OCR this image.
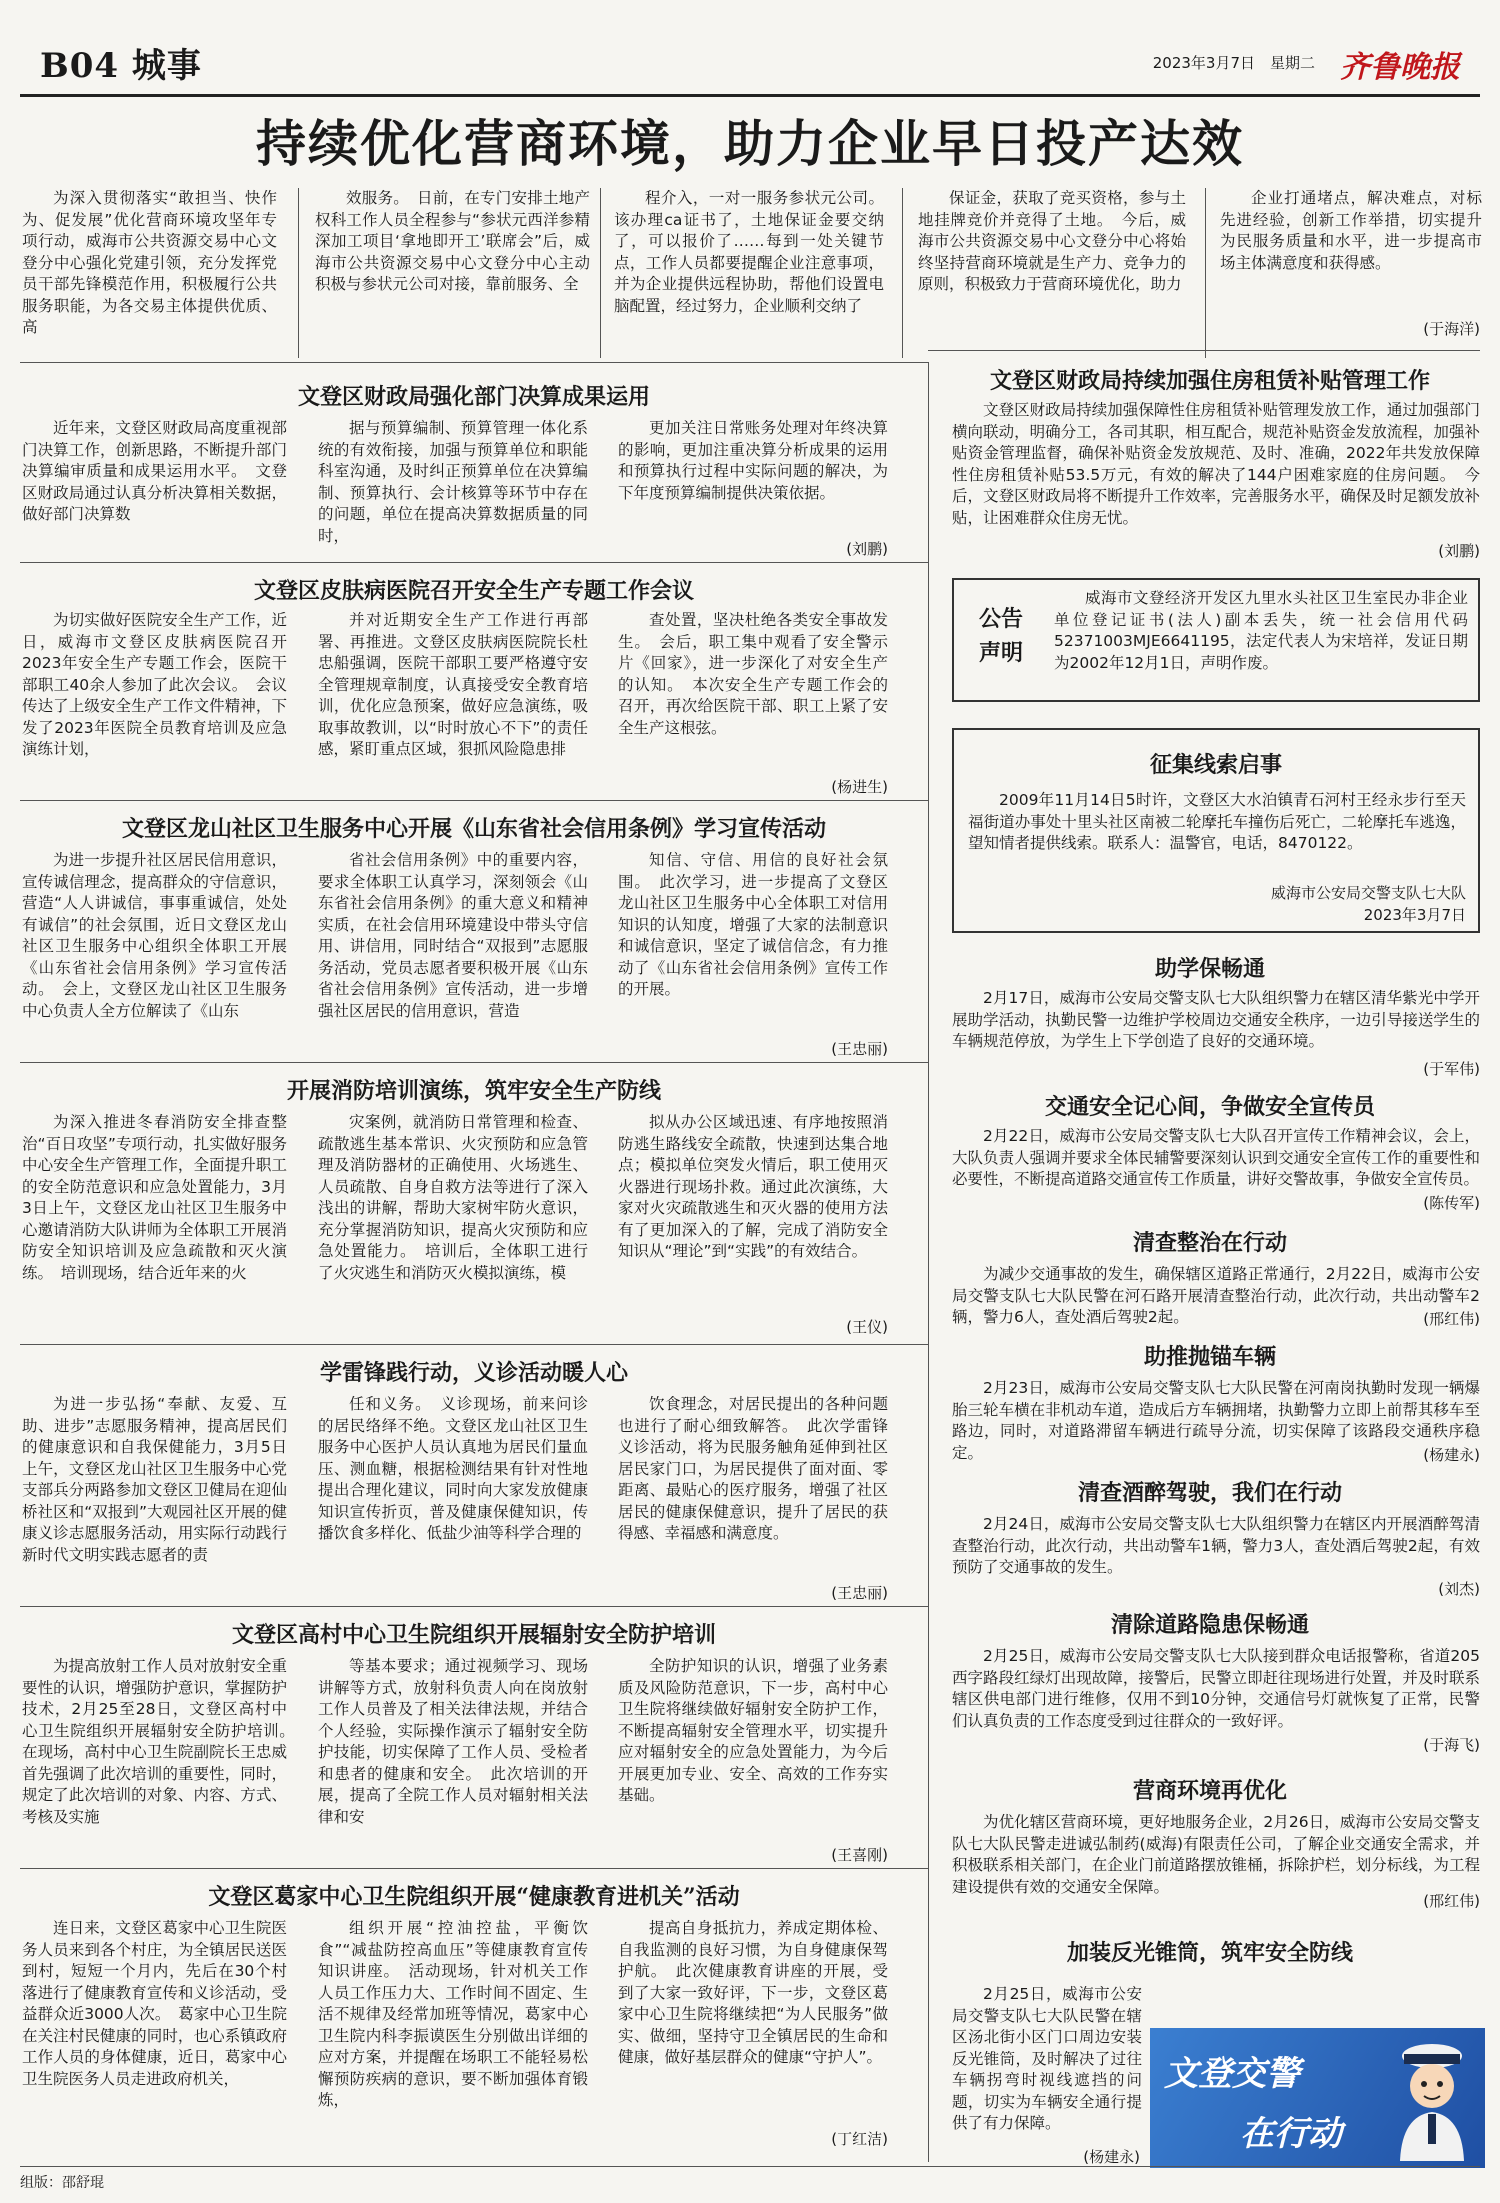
B04 城事	2023年3月7日　星期二 齐鲁晚报
持续优化营商环境，助力企业早日投产达效

为深入贯彻落实“敢担当、快作为、促发展”优化营商环境攻坚年专项行动，威海市公共资源交易中心文登分中心强化党建引领，充分发挥党员干部先锋模范作用，积极履行公共服务职能，为各交易主体提供优质、高

效服务。　日前，在专门安排土地产权科工作人员全程参与“参状元西洋参精深加工项目‘拿地即开工’联席会”后，威海市公共资源交易中心文登分中心主动积极与参状元公司对接，靠前服务、全

程介入，一对一服务参状元公司。该办理ca证书了，土地保证金要交纳了，可以报价了……每到一处关键节点，工作人员都要提醒企业注意事项，并为企业提供远程协助，帮他们设置电脑配置，经过努力，企业顺利交纳了

保证金，获取了竞买资格，参与土地挂牌竞价并竞得了土地。　今后，威海市公共资源交易中心文登分中心将始终坚持营商环境就是生产力、竞争力的原则，积极致力于营商环境优化，助力

企业打通堵点，解决难点，对标先进经验，创新工作举措，切实提升为民服务质量和水平，进一步提高市场主体满意度和获得感。

(于海洋)
文登区财政局强化部门决算成果运用

近年来，文登区财政局高度重视部门决算工作，创新思路，不断提升部门决算编审质量和成果运用水平。　文登区财政局通过认真分析决算相关数据，做好部门决算数

据与预算编制、预算管理一体化系统的有效衔接，加强与预算单位和职能科室沟通，及时纠正预算单位在决算编制、预算执行、会计核算等环节中存在的问题，单位在提高决算数据质量的同时，

更加关注日常账务处理对年终决算的影响，更加注重决算分析成果的运用和预算执行过程中实际问题的解决，为下年度预算编制提供决策依据。

(刘鹏)
文登区皮肤病医院召开安全生产专题工作会议

为切实做好医院安全生产工作，近日，威海市文登区皮肤病医院召开2023年安全生产专题工作会，医院干部职工40余人参加了此次会议。　会议传达了上级安全生产工作文件精神，下发了2023年医院全员教育培训及应急演练计划，

并对近期安全生产工作进行再部署、再推进。文登区皮肤病医院院长杜忠船强调，医院干部职工要严格遵守安全管理规章制度，认真接受安全教育培训，优化应急预案，做好应急演练，吸取事故教训，以“时时放心不下”的责任感，紧盯重点区域，狠抓风险隐患排

查处置，坚决杜绝各类安全事故发生。　会后，职工集中观看了安全警示片《回家》，进一步深化了对安全生产的认知。　本次安全生产专题工作会的召开，再次给医院干部、职工上紧了安全生产这根弦。

(杨进生)
文登区龙山社区卫生服务中心开展《山东省社会信用条例》学习宣传活动

为进一步提升社区居民信用意识，宣传诚信理念，提高群众的守信意识，营造“人人讲诚信，事事重诚信，处处有诚信”的社会氛围，近日文登区龙山社区卫生服务中心组织全体职工开展《山东省社会信用条例》学习宣传活动。　会上，文登区龙山社区卫生服务中心负责人全方位解读了《山东

省社会信用条例》中的重要内容，要求全体职工认真学习，深刻领会《山东省社会信用条例》的重大意义和精神实质，在社会信用环境建设中带头守信用、讲信用，同时结合“双报到”志愿服务活动，党员志愿者要积极开展《山东省社会信用条例》宣传活动，进一步增强社区居民的信用意识，营造

知信、守信、用信的良好社会氛围。　此次学习，进一步提高了文登区龙山社区卫生服务中心全体职工对信用知识的认知度，增强了大家的法制意识和诚信意识，坚定了诚信信念，有力推动了《山东省社会信用条例》宣传工作的开展。

(王忠丽)
开展消防培训演练，筑牢安全生产防线

为深入推进冬春消防安全排查整治“百日攻坚”专项行动，扎实做好服务中心安全生产管理工作，全面提升职工的安全防范意识和应急处置能力，3月3日上午，文登区龙山社区卫生服务中心邀请消防大队讲师为全体职工开展消防安全知识培训及应急疏散和灭火演练。　培训现场，结合近年来的火

灾案例，就消防日常管理和检查、疏散逃生基本常识、火灾预防和应急管理及消防器材的正确使用、火场逃生、人员疏散、自身自救方法等进行了深入浅出的讲解，帮助大家树牢防火意识，充分掌握消防知识，提高火灾预防和应急处置能力。　培训后，全体职工进行了火灾逃生和消防灭火模拟演练，模

拟从办公区域迅速、有序地按照消防逃生路线安全疏散，快速到达集合地点；模拟单位突发火情后，职工使用灭火器进行现场扑救。通过此次演练，大家对火灾疏散逃生和灭火器的使用方法有了更加深入的了解，完成了消防安全知识从“理论”到“实践”的有效结合。

(王仪)
学雷锋践行动，义诊活动暖人心

为进一步弘扬“奉献、友爱、互助、进步”志愿服务精神，提高居民们的健康意识和自我保健能力，3月5日上午，文登区龙山社区卫生服务中心党支部兵分两路参加文登区卫健局在迎仙桥社区和“双报到”大观园社区开展的健康义诊志愿服务活动，用实际行动践行新时代文明实践志愿者的责

任和义务。　义诊现场，前来问诊的居民络绎不绝。文登区龙山社区卫生服务中心医护人员认真地为居民们量血压、测血糖，根据检测结果有针对性地提出合理化建议，同时向大家发放健康知识宣传折页，普及健康保健知识，传播饮食多样化、低盐少油等科学合理的

饮食理念，对居民提出的各种问题也进行了耐心细致解答。　此次学雷锋义诊活动，将为民服务触角延伸到社区居民家门口，为居民提供了面对面、零距离、最贴心的医疗服务，增强了社区居民的健康保健意识，提升了居民的获得感、幸福感和满意度。

(王忠丽)
文登区高村中心卫生院组织开展辐射安全防护培训

为提高放射工作人员对放射安全重要性的认识，增强防护意识，掌握防护技术，2月25至28日，文登区高村中心卫生院组织开展辐射安全防护培训。　在现场，高村中心卫生院副院长王忠威首先强调了此次培训的重要性，同时，规定了此次培训的对象、内容、方式、考核及实施

等基本要求；通过视频学习、现场讲解等方式，放射科负责人向在岗放射工作人员普及了相关法律法规，并结合个人经验，实际操作演示了辐射安全防护技能，切实保障了工作人员、受检者和患者的健康和安全。　此次培训的开展，提高了全院工作人员对辐射相关法律和安

全防护知识的认识，增强了业务素质及风险防范意识，下一步，高村中心卫生院将继续做好辐射安全防护工作，不断提高辐射安全管理水平，切实提升应对辐射安全的应急处置能力，为今后开展更加专业、安全、高效的工作夯实基础。

(王喜刚)
文登区葛家中心卫生院组织开展“健康教育进机关”活动

连日来，文登区葛家中心卫生院医务人员来到各个村庄，为全镇居民送医到村，短短一个月内，先后在30个村落进行了健康教育宣传和义诊活动，受益群众近3000人次。　葛家中心卫生院在关注村民健康的同时，也心系镇政府工作人员的身体健康，近日，葛家中心卫生院医务人员走进政府机关，

组织开展“控油控盐，平衡饮食”“减盐防控高血压”等健康教育宣传知识讲座。　活动现场，针对机关工作人员工作压力大、工作时间不固定、生活不规律及经常加班等情况，葛家中心卫生院内科李振谟医生分别做出详细的应对方案，并提醒在场职工不能轻易松懈预防疾病的意识，要不断加强体育锻炼，

提高自身抵抗力，养成定期体检、自我监测的良好习惯，为自身健康保驾护航。　此次健康教育讲座的开展，受到了大家一致好评，下一步，文登区葛家中心卫生院将继续把“为人民服务”做实、做细，坚持守卫全镇居民的生命和健康，做好基层群众的健康“守护人”。

(丁红洁)
文登区财政局持续加强住房租赁补贴管理工作

文登区财政局持续加强保障性住房租赁补贴管理发放工作，通过加强部门横向联动，明确分工，各司其职，相互配合，规范补贴资金发放流程，加强补贴资金管理监督，确保补贴资金发放规范、及时、准确，2022年共发放保障性住房租赁补贴53.5万元，有效的解决了144户困难家庭的住房问题。　今后，文登区财政局将不断提升工作效率，完善服务水平，确保及时足额发放补贴，让困难群众住房无忧。

(刘鹏)
公告
声明

威海市文登经济开发区九里水头社区卫生室民办非企业单位登记证书(法人)副本丢失，统一社会信用代码52371003MJE6641195，法定代表人为宋培祥，发证日期为2002年12月1日，声明作废。

征集线索启事

2009年11月14日5时许，文登区大水泊镇青石河村王经永步行至天福街道办事处十里头社区南被二轮摩托车撞伤后死亡，二轮摩托车逃逸，望知情者提供线索。联系人：温警官，电话，8470122。

威海市公安局交警支队七大队
2023年3月7日
助学保畅通

2月17日，威海市公安局交警支队七大队组织警力在辖区清华紫光中学开展助学活动，执勤民警一边维护学校周边交通安全秩序，一边引导接送学生的车辆规范停放，为学生上下学创造了良好的交通环境。

(于军伟)
交通安全记心间，争做安全宣传员

2月22日，威海市公安局交警支队七大队召开宣传工作精神会议，会上，大队负责人强调并要求全体民辅警要深刻认识到交通安全宣传工作的重要性和必要性，不断提高道路交通宣传工作质量，讲好交警故事，争做安全宣传员。

(陈传军)
清查整治在行动

为减少交通事故的发生，确保辖区道路正常通行，2月22日，威海市公安局交警支队七大队民警在河石路开展清查整治行动，此次行动，共出动警车2辆，警力6人，查处酒后驾驶2起。	(邢红伟)
助推抛锚车辆

2月23日，威海市公安局交警支队七大队民警在河南岗执勤时发现一辆爆胎三轮车横在非机动车道，造成后方车辆拥堵，执勤警力立即上前帮其移车至路边，同时，对道路滞留车辆进行疏导分流，切实保障了该路段交通秩序稳定。	(杨建永)
清查酒醉驾驶，我们在行动

2月24日，威海市公安局交警支队七大队组织警力在辖区内开展酒醉驾清查整治行动，此次行动，共出动警车1辆，警力3人，查处酒后驾驶2起，有效预防了交通事故的发生。

(刘杰)
清除道路隐患保畅通

2月25日，威海市公安局交警支队七大队接到群众电话报警称，省道205西字路段红绿灯出现故障，接警后，民警立即赶往现场进行处置，并及时联系辖区供电部门进行维修，仅用不到10分钟，交通信号灯就恢复了正常，民警们认真负责的工作态度受到过往群众的一致好评。

(于海飞)
营商环境再优化

为优化辖区营商环境，更好地服务企业，2月26日，威海市公安局交警支队七大队民警走进诚弘制药(威海)有限责任公司，了解企业交通安全需求，并积极联系相关部门，在企业门前道路摆放锥桶，拆除护栏，划分标线，为工程建设提供有效的交通安全保障。

(邢红伟)
加装反光锥筒，筑牢安全防线

2月25日，威海市公安局交警支队七大队民警在辖区汤北街小区门口周边安装反光锥筒，及时解决了过往车辆拐弯时视线遮挡的问题，切实为车辆安全通行提供了有力保障。

(杨建永)
文登交警
在行动
组版：邵舒琨
